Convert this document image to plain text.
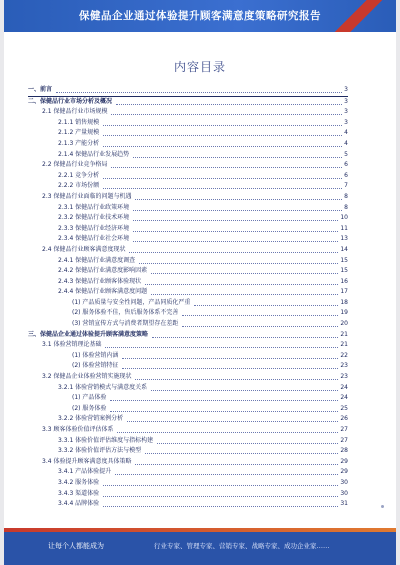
保健品企业通过体验提升顾客满意度策略研究报告
内容目录
一、前言	3
二、保健品行业市场分析及概况	3
2.1 保健品行业市场规模	3
2.1.1 销售规模	3
2.1.2 产量规模	4
2.1.3 产能分析	4
2.1.4 保健品行业发展趋势	5
2.2 保健品行业竞争格局	6
2.2.1 竞争分析	6
2.2.2 市场份额	7
2.3 保健品行业面临的问题与机遇	8
2.3.1 保健品行业政策环境	8
2.3.2 保健品行业技术环境	10
2.3.3 保健品行业经济环境	11
2.3.4 保健品行业社会环境	13
2.4 保健品行业顾客满意度现状	14
2.4.1 保健品行业满意度调查	15
2.4.2 保健品行业满意度影响因素	15
2.4.3 保健品行业顾客体验现状	16
2.4.4 保健品行业顾客满意度问题	17
(1) 产品质量与安全性问题，产品同质化严重	18
(2) 服务体验不佳，售后服务体系不完善	19
(3) 营销宣传方式与消费者期望存在差距	20
三、保健品企业通过体验提升顾客满意度策略	21
3.1 体验营销理论基础	21
(1) 体验营销内涵	22
(2) 体验营销特征	23
3.2 保健品企业体验营销实施现状	23
3.2.1 体验营销模式与满意度关系	24
(1) 产品体验	24
(2) 服务体验	25
3.2.2 体验营销案例分析	26
3.3 顾客体验价值评估体系	27
3.3.1 体验价值评估维度与指标构建	27
3.3.2 体验价值评估方法与模型	28
3.4 体验提升顾客满意度具体策略	29
3.4.1 产品体验提升	29
3.4.2 服务体验	30
3.4.3 渠道体验	30
3.4.4 品牌体验	31
让每个人都能成为	行业专家、管理专家、营销专家、战略专家、成功企业家……
